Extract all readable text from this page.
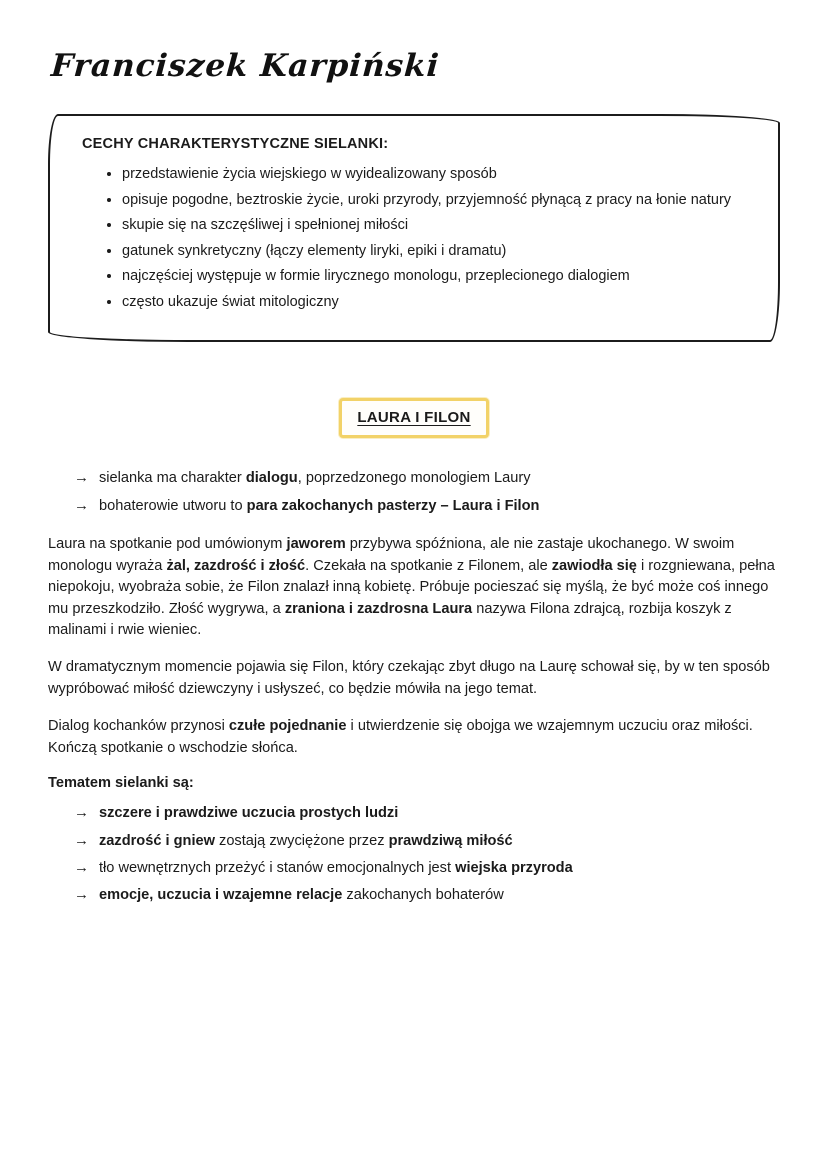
Franciszek Karpiński
CECHY CHARAKTERYSTYCZNE SIELANKI:
• przedstawienie życia wiejskiego w wyidealizowany sposób
• opisuje pogodne, beztroskie życie, uroki przyrody, przyjemność płynącą z pracy na łonie natury
• skupie się na szczęśliwej i spełnionej miłości
• gatunek synkretyczny (łączy elementy liryki, epiki i dramatu)
• najczęściej występuje w formie lirycznego monologu, przeplecionego dialogiem
• często ukazuje świat mitologiczny
LAURA I FILON
→ sielanka ma charakter dialogu, poprzedzonego monologiem Laury
→ bohaterowie utworu to para zakochanych pasterzy – Laura i Filon

Laura na spotkanie pod umówionym jaworem przybywa spóźniona, ale nie zastaje ukochanego. W swoim monologu wyraża żal, zazdrość i złość. Czekała na spotkanie z Filonem, ale zawiodła się i rozgniewana, pełna niepokoju, wyobraża sobie, że Filon znalazł inną kobietę. Próbuje pocieszać się myślą, że być może coś innego mu przeszkodziło. Złość wygrywa, a zraniona i zazdrosna Laura nazywa Filona zdrajcą, rozbija koszyk z malinami i rwie wieniec.

W dramatycznym momencie pojawia się Filon, który czekając zbyt długo na Laurę schował się, by w ten sposób wypróbować miłość dziewczyny i usłyszeć, co będzie mówiła na jego temat.

Dialog kochanków przynosi czułe pojednanie i utwierdzenie się obojga we wzajemnym uczuciu oraz miłości. Kończą spotkanie o wschodzie słońca.

Tematem sielanki są:
→ szczere i prawdziwe uczucia prostych ludzi
→ zazdrość i gniew zostają zwyciężone przez prawdziwą miłość
→ tło wewnętrznych przeżyć i stanów emocjonalnych jest wiejska przyroda
→ emocje, uczucia i wzajemne relacje zakochanych bohaterów
